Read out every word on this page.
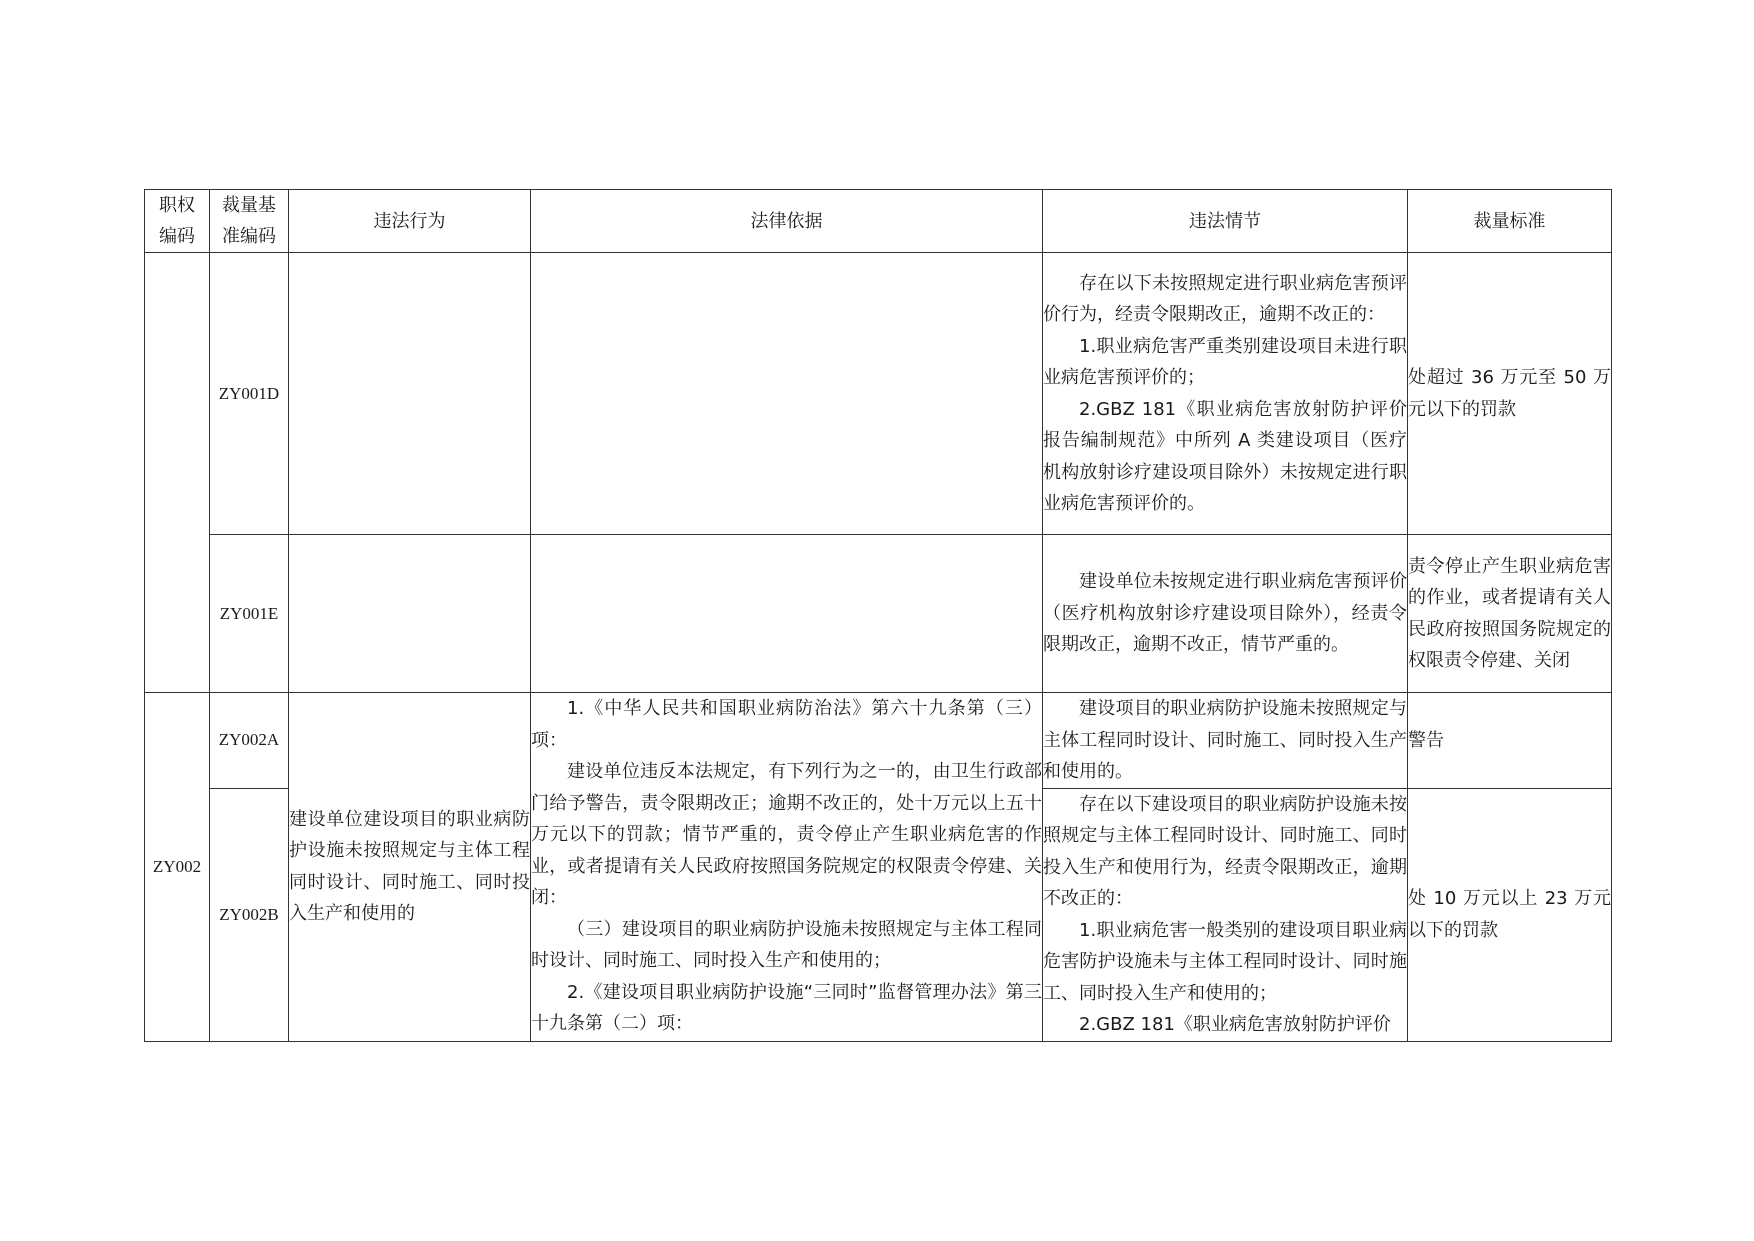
职权
编码	裁量基
准编码	违法行为	法律依据	违法情节	裁量标准
	ZY001D			存在以下未按照规定进行职业病危害预评价行为，经责令限期改正，逾期不改正的：

1.职业病危害严重类别建设项目未进行职业病危害预评价的；

2.GBZ 181《职业病危害放射防护评价报告编制规范》中所列 A 类建设项目（医疗机构放射诊疗建设项目除外）未按规定进行职业病危害预评价的。	处超过 36 万元至 50 万元以下的罚款

	ZY001E			建设单位未按规定进行职业病危害预评价（医疗机构放射诊疗建设项目除外），经责令限期改正，逾期不改正，情节严重的。	责令停止产生职业病危害的作业，或者提请有关人民政府按照国务院规定的权限责令停建、关闭

ZY002	ZY002A	建设单位建设项目的职业病防护设施未按照规定与主体工程同时设计、同时施工、同时投入生产和使用的	1.《中华人民共和国职业病防治法》第六十九条第（三）项：

建设单位违反本法规定，有下列行为之一的，由卫生行政部门给予警告，责令限期改正；逾期不改正的，处十万元以上五十万元以下的罚款；情节严重的，责令停止产生职业病危害的作业，或者提请有关人民政府按照国务院规定的权限责令停建、关闭：

（三）建设项目的职业病防护设施未按照规定与主体工程同时设计、同时施工、同时投入生产和使用的；

2.《建设项目职业病防护设施“三同时”监督管理办法》第三十九条第（二）项：	建设项目的职业病防护设施未按照规定与主体工程同时设计、同时施工、同时投入生产和使用的。	警告

	ZY002B			存在以下建设项目的职业病防护设施未按照规定与主体工程同时设计、同时施工、同时投入生产和使用行为，经责令限期改正，逾期不改正的：

1.职业病危害一般类别的建设项目职业病危害防护设施未与主体工程同时设计、同时施工、同时投入生产和使用的；

2.GBZ 181《职业病危害放射防护评价	处 10 万元以上 23 万元以下的罚款
